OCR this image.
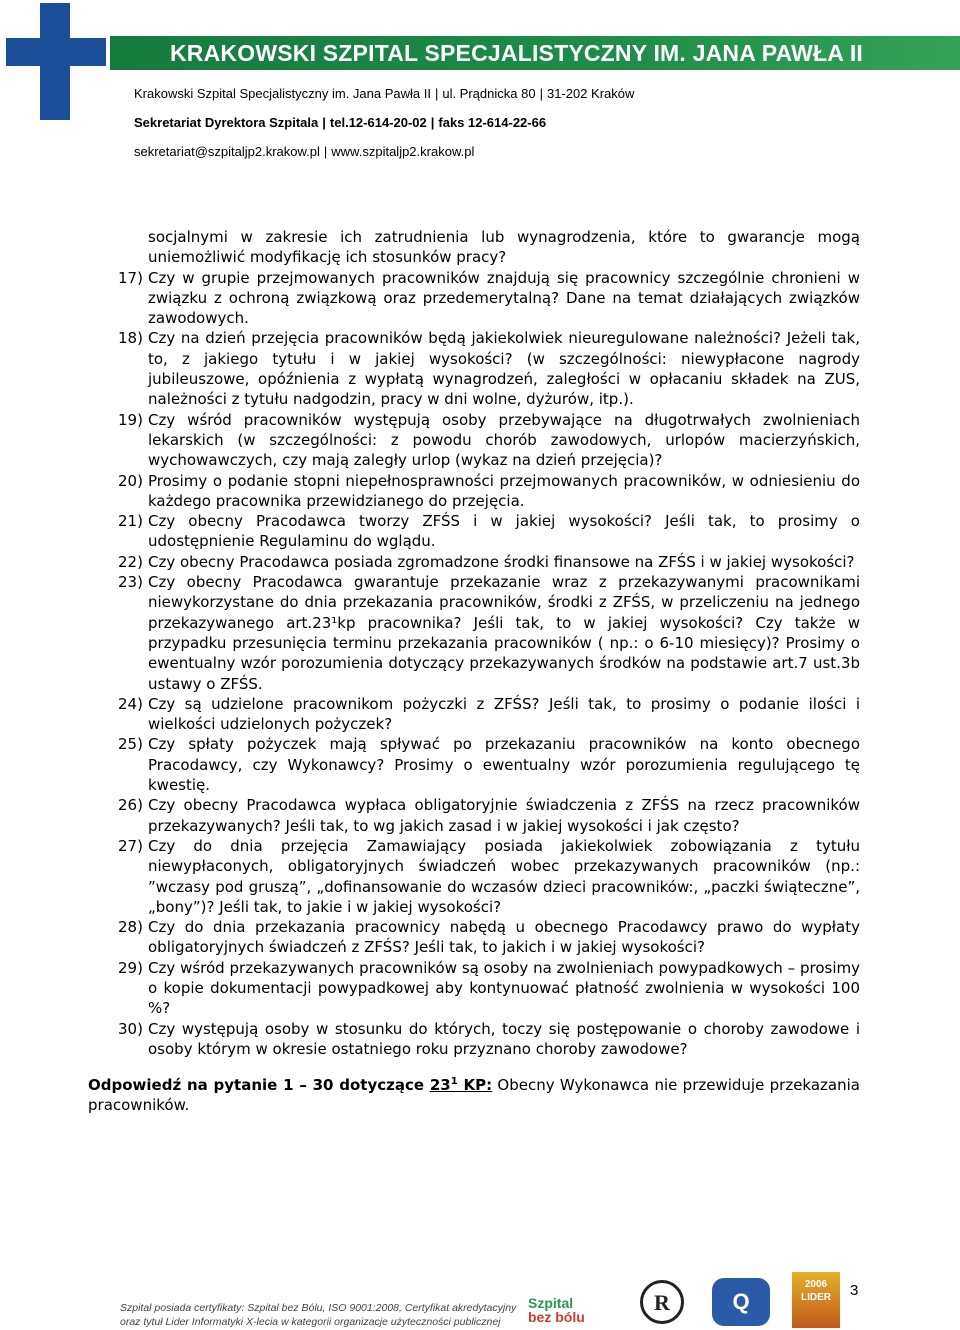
KRAKOWSKI SZPITAL SPECJALISTYCZNY IM. JANA PAWŁA II
Krakowski Szpital Specjalistyczny im. Jana Pawła II | ul. Prądnicka 80 | 31-202 Kraków
Sekretariat Dyrektora Szpitala | tel.12-614-20-02 | faks 12-614-22-66
sekretariat@szpitaljp2.krakow.pl | www.szpitaljp2.krakow.pl
socjalnymi w zakresie ich zatrudnienia lub wynagrodzenia, które to gwarancje mogą uniemożliwić modyfikację ich stosunków pracy?
17) Czy w grupie przejmowanych pracowników znajdują się pracownicy szczególnie chronieni w związku z ochroną związkową oraz przedemerytalną? Dane na temat działających związków zawodowych.
18) Czy na dzień przejęcia pracowników będą jakiekolwiek nieuregulowane należności? Jeżeli tak, to, z jakiego tytułu i w jakiej wysokości? (w szczególności: niewypłacone nagrody jubileuszowe, opóźnienia z wypłatą wynagrodzeń, zaległości w opłacaniu składek na ZUS, należności z tytułu nadgodzin, pracy w dni wolne, dyżurów, itp.).
19) Czy wśród pracowników występują osoby przebywające na długotrwałych zwolnieniach lekarskich (w szczególności: z powodu chorób zawodowych, urlopów macierzyńskich, wychowawczych, czy mają zaległy urlop (wykaz na dzień przejęcia)?
20) Prosimy o podanie stopni niepełnosprawności przejmowanych pracowników, w odniesieniu do każdego pracownika przewidzianego do przejęcia.
21) Czy obecny Pracodawca tworzy ZFŚS i w jakiej wysokości? Jeśli tak, to prosimy o udostępnienie Regulaminu do wglądu.
22) Czy obecny Pracodawca posiada zgromadzone środki finansowe na ZFŚS i w jakiej wysokości?
23) Czy obecny Pracodawca gwarantuje przekazanie wraz z przekazywanymi pracownikami niewykorzystane do dnia przekazania pracowników, środki z ZFŚS, w przeliczeniu na jednego przekazywanego art.23¹kp pracownika? Jeśli tak, to w jakiej wysokości? Czy także w przypadku przesunięcia terminu przekazania pracowników ( np.: o 6-10 miesięcy)? Prosimy o ewentualny wzór porozumienia dotyczący przekazywanych środków na podstawie art.7 ust.3b ustawy o ZFŚS.
24) Czy są udzielone pracownikom pożyczki z ZFŚS? Jeśli tak, to prosimy o podanie ilości i wielkości udzielonych pożyczek?
25) Czy spłaty pożyczek mają spływać po przekazaniu pracowników na konto obecnego Pracodawcy, czy Wykonawcy? Prosimy o ewentualny wzór porozumienia regulującego tę kwestię.
26) Czy obecny Pracodawca wypłaca obligatoryjnie świadczenia z ZFŚS na rzecz pracowników przekazywanych? Jeśli tak, to wg jakich zasad i w jakiej wysokości i jak często?
27) Czy do dnia przejęcia Zamawiający posiada jakiekolwiek zobowiązania z tytułu niewypłaconych, obligatoryjnych świadczeń wobec przekazywanych pracowników (np.: ”wczasy pod gruszą”, „dofinansowanie do wczasów dzieci pracowników:, „paczki świąteczne”, „bony”)? Jeśli tak, to jakie i w jakiej wysokości?
28) Czy do dnia przekazania pracownicy nabędą u obecnego Pracodawcy prawo do wypłaty obligatoryjnych świadczeń z ZFŚS? Jeśli tak, to jakich i w jakiej wysokości?
29) Czy wśród przekazywanych pracowników są osoby na zwolnieniach powypadkowych – prosimy o kopie dokumentacji powypadkowej aby kontynuować płatność zwolnienia w wysokości 100 %?
30) Czy występują osoby w stosunku do których, toczy się postępowanie o choroby zawodowe i osoby którym w okresie ostatniego roku przyznano choroby zawodowe?
Odpowiedź na pytanie 1 – 30 dotyczące $23^1$ KP: Obecny Wykonawca nie przewiduje przekazania pracowników.
3
Szpital posiada certyfikaty: Szpital bez Bólu, ISO 9001:2008, Certyfikat akredytacyjny
oraz tytuł Lider Informatyki X-lecia w kategorii organizacje użyteczności publicznej
Szpital
bez bólu
R	Q
2006
LIDER
